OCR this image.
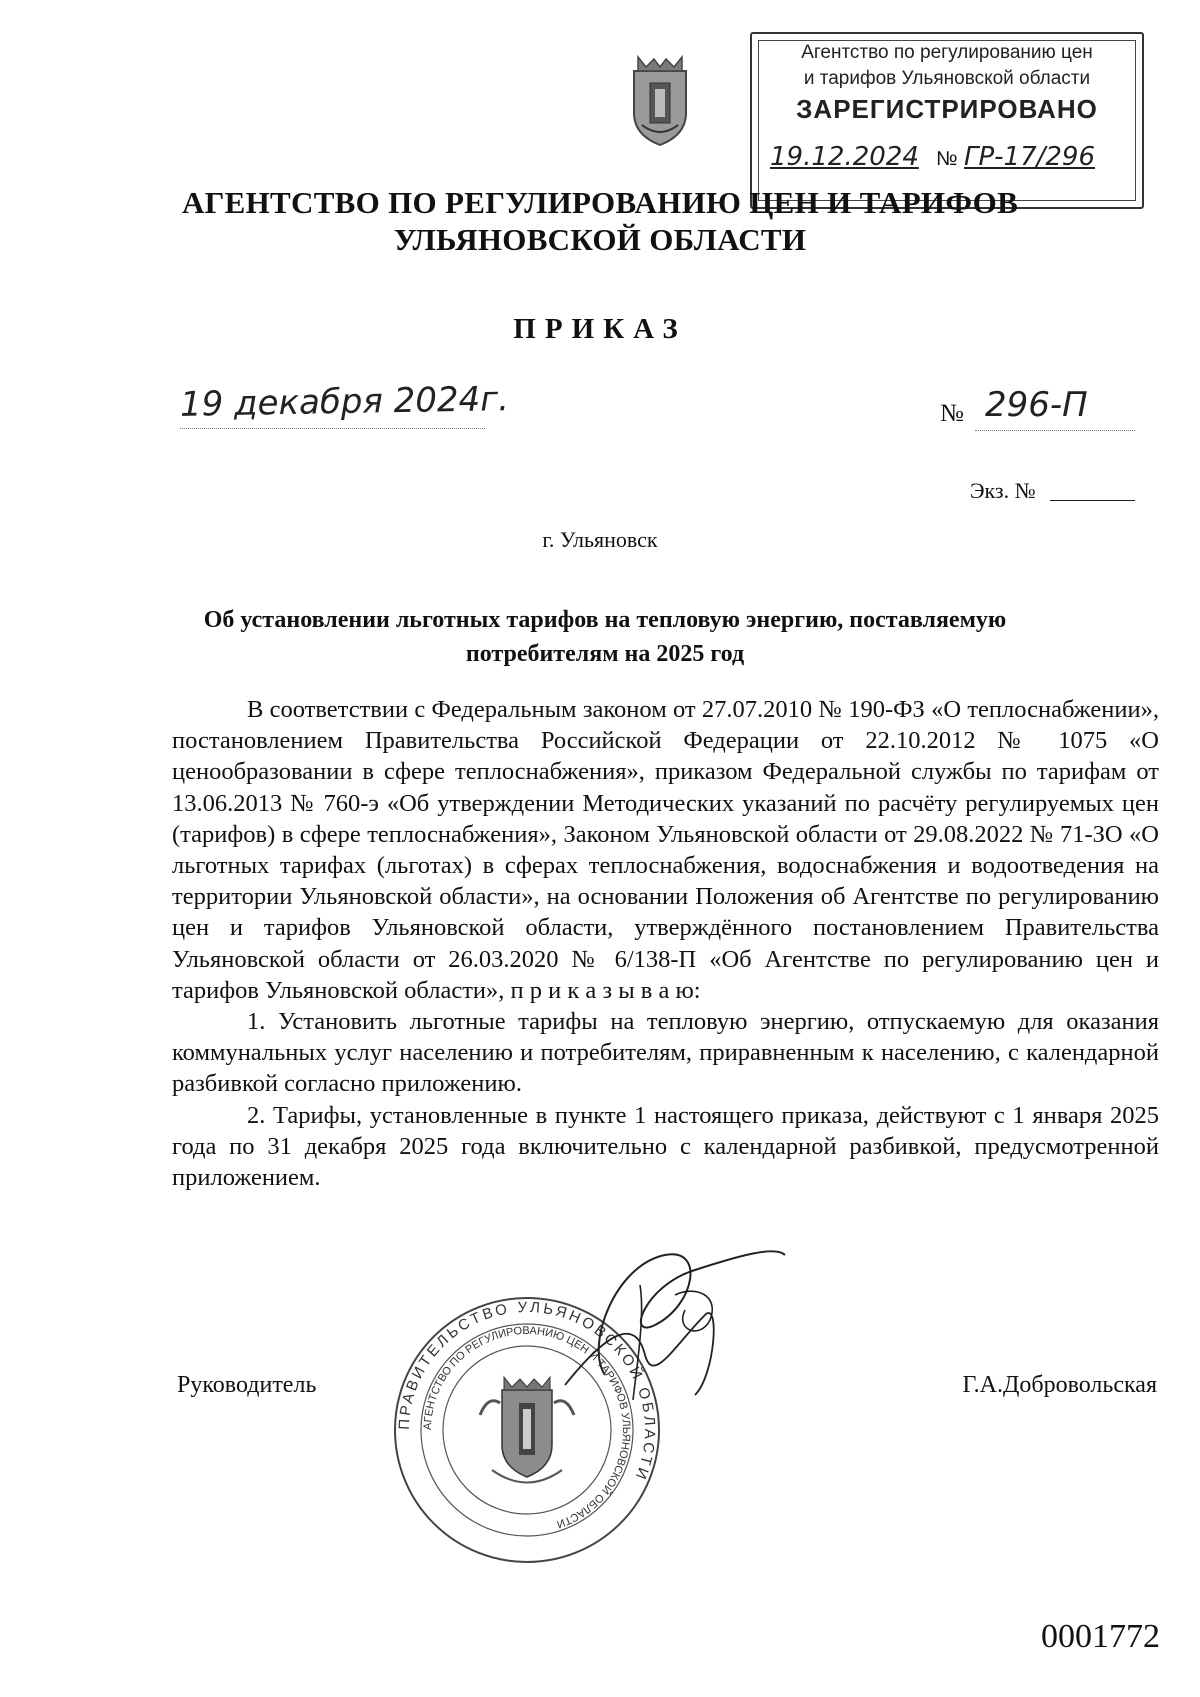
Агентство по регулированию цен
и тарифов Ульяновской области
ЗАРЕГИСТРИРОВАНО
19.12.2024 № ГР-17/296
АГЕНТСТВО ПО РЕГУЛИРОВАНИЮ ЦЕН И ТАРИФОВ
УЛЬЯНОВСКОЙ ОБЛАСТИ
ПРИКАЗ
19 декабря 2024г.	№ 296-П
Экз. №
г. Ульяновск
Об установлении льготных тарифов на тепловую энергию, поставляемую
потребителям на 2025 год

В соответствии с Федеральным законом от 27.07.2010 № 190-ФЗ «О теплоснабжении», постановлением Правительства Российской Федерации от 22.10.2012 № 1075 «О ценообразовании в сфере теплоснабжения», приказом Федеральной службы по тарифам от 13.06.2013 № 760-э «Об утверждении Методических указаний по расчёту регулируемых цен (тарифов) в сфере теплоснабжения», Законом Ульяновской области от 29.08.2022 № 71-ЗО «О льготных тарифах (льготах) в сферах теплоснабжения, водоснабжения и водоотведения на территории Ульяновской области», на основании Положения об Агентстве по регулированию цен и тарифов Ульяновской области, утверждённого постановлением Правительства Ульяновской области от 26.03.2020 № 6/138-П «Об Агентстве по регулированию цен и тарифов Ульяновской области», п р и к а з ы в а ю:

1. Установить льготные тарифы на тепловую энергию, отпускаемую для оказания коммунальных услуг населению и потребителям, приравненным к населению, с календарной разбивкой согласно приложению.

2. Тарифы, установленные в пункте 1 настоящего приказа, действуют с 1 января 2025 года по 31 декабря 2025 года включительно с календарной разбивкой, предусмотренной приложением.

Руководитель	Г.А.Добровольская
ПРАВИТЕЛЬСТВО УЛЬЯНОВСКОЙ ОБЛАСТИ
АГЕНТСТВО ПО РЕГУЛИРОВАНИЮ ЦЕН И ТАРИФОВ УЛЬЯНОВСКОЙ ОБЛАСТИ
0001772
